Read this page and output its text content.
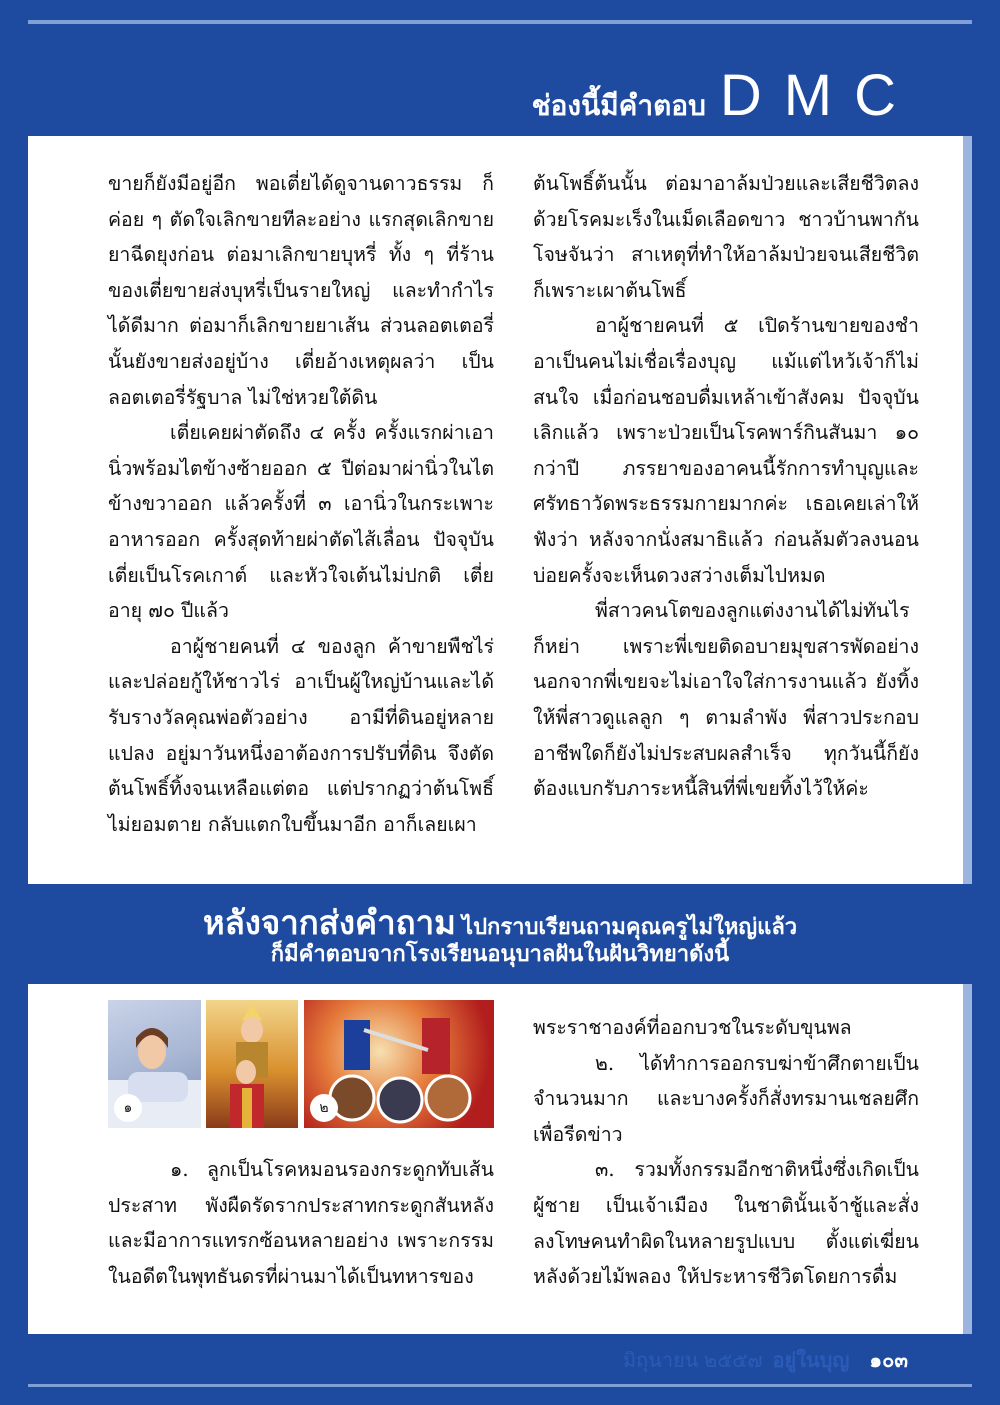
ช่องนี้มีคำตอบ DMC

ขายก็ยังมีอยู่อีก พอเตี่ยได้ดูจานดาวธรรม ก็ค่อย ๆ ตัดใจเลิกขายทีละอย่าง แรกสุดเลิกขายยาฉีดยุงก่อน ต่อมาเลิกขายบุหรี่ ทั้ง ๆ ที่ร้านของเตี่ยขายส่งบุหรี่เป็นรายใหญ่ และทำกำไรได้ดีมาก ต่อมาก็เลิกขายยาเส้น ส่วนลอตเตอรี่นั้นยังขายส่งอยู่บ้าง เตี่ยอ้างเหตุผลว่า เป็นลอตเตอรี่รัฐบาล ไม่ใช่หวยใต้ดิน

เตี่ยเคยผ่าตัดถึง ๔ ครั้ง ครั้งแรกผ่าเอานิ่วพร้อมไตข้างซ้ายออก ๕ ปีต่อมาผ่านิ่วในไตข้างขวาออก แล้วครั้งที่ ๓ เอานิ่วในกระเพาะอาหารออก ครั้งสุดท้ายผ่าตัดไส้เลื่อน ปัจจุบันเตี่ยเป็นโรคเกาต์ และหัวใจเต้นไม่ปกติ เตี่ยอายุ ๗๐ ปีแล้ว

อาผู้ชายคนที่ ๔ ของลูก ค้าขายพืชไร่และปล่อยกู้ให้ชาวไร่ อาเป็นผู้ใหญ่บ้านและได้รับรางวัลคุณพ่อตัวอย่าง อามีที่ดินอยู่หลายแปลง อยู่มาวันหนึ่งอาต้องการปรับที่ดิน จึงตัดต้นโพธิ์ทิ้งจนเหลือแต่ตอ แต่ปรากฏว่าต้นโพธิ์ไม่ยอมตาย กลับแตกใบขึ้นมาอีก อาก็เลยเผา

ต้นโพธิ์ต้นนั้น ต่อมาอาล้มป่วยและเสียชีวิตลงด้วยโรคมะเร็งในเม็ดเลือดขาว ชาวบ้านพากันโจษจันว่า สาเหตุที่ทำให้อาล้มป่วยจนเสียชีวิตก็เพราะเผาต้นโพธิ์

อาผู้ชายคนที่ ๕ เปิดร้านขายของชำ อาเป็นคนไม่เชื่อเรื่องบุญ แม้แต่ไหว้เจ้าก็ไม่สนใจ เมื่อก่อนชอบดื่มเหล้าเข้าสังคม ปัจจุบันเลิกแล้ว เพราะป่วยเป็นโรคพาร์กินสันมา ๑๐ กว่าปี ภรรยาของอาคนนี้รักการทำบุญและศรัทธาวัดพระธรรมกายมากค่ะ เธอเคยเล่าให้ฟังว่า หลังจากนั่งสมาธิแล้ว ก่อนล้มตัวลงนอนบ่อยครั้งจะเห็นดวงสว่างเต็มไปหมด

พี่สาวคนโตของลูกแต่งงานได้ไม่ทันไรก็หย่า เพราะพี่เขยติดอบายมุขสารพัดอย่าง นอกจากพี่เขยจะไม่เอาใจใส่การงานแล้ว ยังทิ้งให้พี่สาวดูแลลูก ๆ ตามลำพัง พี่สาวประกอบอาชีพใดก็ยังไม่ประสบผลสำเร็จ ทุกวันนี้ก็ยังต้องแบกรับภาระหนี้สินที่พี่เขยทิ้งไว้ให้ค่ะ

หลังจากส่งคำถาม ไปกราบเรียนถามคุณครูไม่ใหญ่แล้ว
ก็มีคำตอบจากโรงเรียนอนุบาลฝันในฝันวิทยาดังนี้
๑	๒

๑. ลูกเป็นโรคหมอนรองกระดูกทับเส้นประสาท พังผืดรัดรากประสาทกระดูกสันหลัง และมีอาการแทรกซ้อนหลายอย่าง เพราะกรรมในอดีตในพุทธันดรที่ผ่านมาได้เป็นทหารของ

พระราชาองค์ที่ออกบวชในระดับขุนพล

๒. ได้ทำการออกรบฆ่าข้าศึกตายเป็นจำนวนมาก และบางครั้งก็สั่งทรมานเชลยศึกเพื่อรีดข่าว

๓. รวมทั้งกรรมอีกชาติหนึ่งซึ่งเกิดเป็นผู้ชาย เป็นเจ้าเมือง ในชาตินั้นเจ้าชู้และสั่งลงโทษคนทำผิดในหลายรูปแบบ ตั้งแต่เฆี่ยนหลังด้วยไม้พลอง ให้ประหารชีวิตโดยการดื่ม

มิถุนายน ๒๕๕๗ อยู่ในบุญ	๑๐๓
